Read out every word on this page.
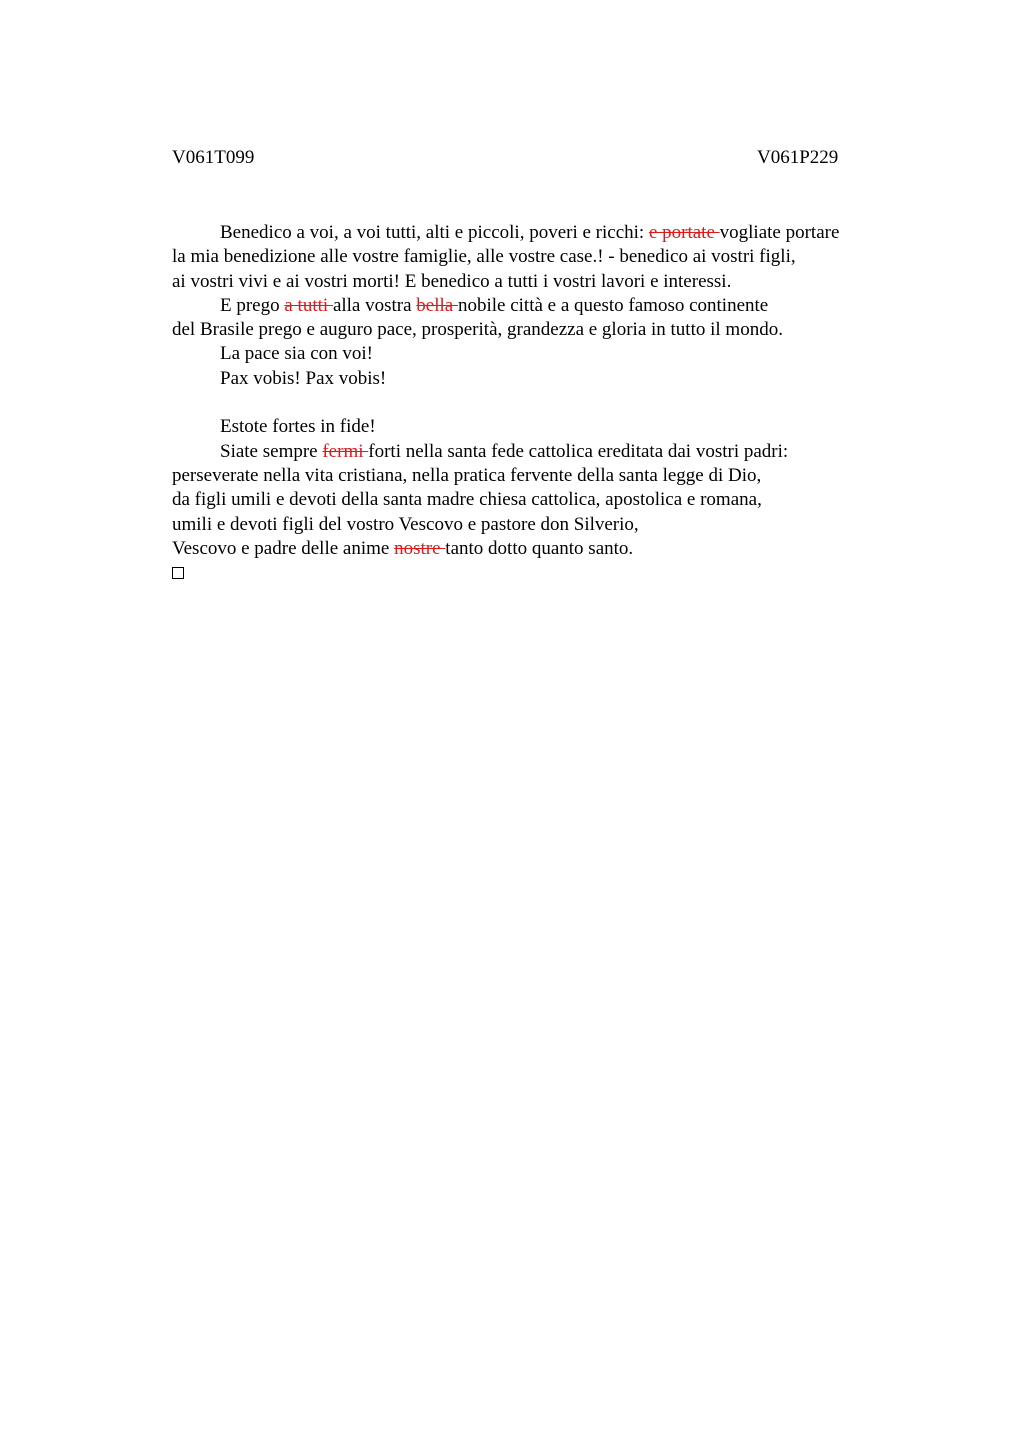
V061T099	V061P229
Benedico a voi, a voi tutti, alti e piccoli, poveri e ricchi: e portate vogliate portare
la mia benedizione alle vostre famiglie, alle vostre case.! - benedico ai vostri figli,
ai vostri vivi e ai vostri morti! E benedico a tutti i vostri lavori e interessi.
E prego a tutti alla vostra bella nobile città e a questo famoso continente
del Brasile prego e auguro pace, prosperità, grandezza e gloria in tutto il mondo.
La pace sia con voi!
Pax vobis! Pax vobis!
Estote fortes in fide!
Siate sempre fermi forti nella santa fede cattolica ereditata dai vostri padri:
perseverate nella vita cristiana, nella pratica fervente della santa legge di Dio,
da figli umili e devoti della santa madre chiesa cattolica, apostolica e romana,
umili e devoti figli del vostro Vescovo e pastore don Silverio,
Vescovo e padre delle anime nostre tanto dotto quanto santo.
